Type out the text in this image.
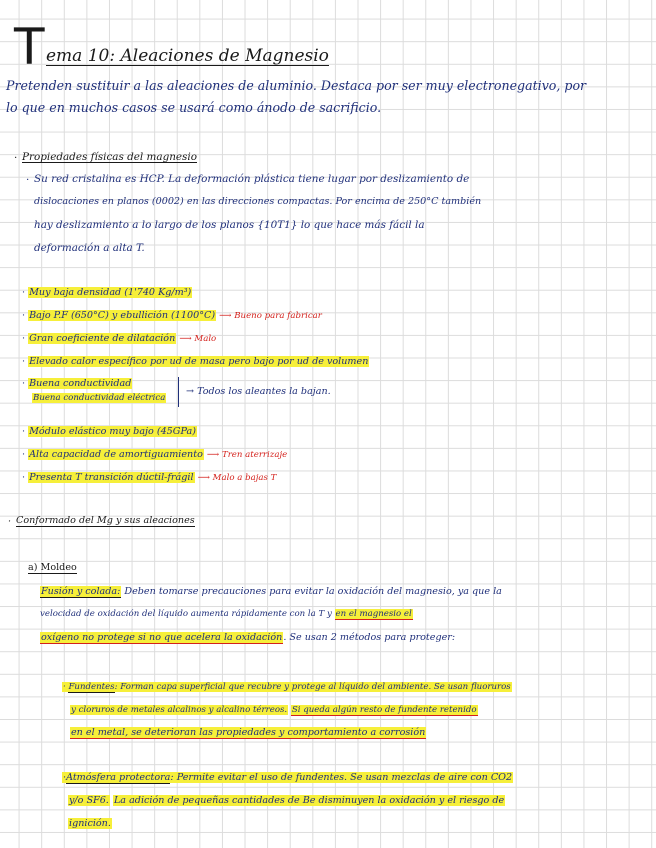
T ema 10: Aleaciones de Magnesio
Pretenden sustituir a las aleaciones de aluminio. Destaca por ser muy electronegativo, por
lo que en muchos casos se usará como ánodo de sacrificio.
· Propiedades físicas del magnesio
· Su red cristalina es HCP. La deformación plástica tiene lugar por deslizamiento de
dislocaciones en planos (0002) en las direcciones compactas. Por encima de 250°C también
hay deslizamiento a lo largo de los planos {10T1} lo que hace más fácil la
deformación a alta T.
· Muy baja densidad (1'740 Kg/m³)
· Bajo P.F (650°C) y ebullición (1100°C) ⟶ Bueno para fabricar
· Gran coeficiente de dilatación ⟶ Malo
· Elevado calor específico por ud de masa pero bajo por ud de volumen
· Buena conductividad
Buena conductividad eléctrica
→ Todos los aleantes la bajan.
· Módulo elástico muy bajo (45GPa)
· Alta capacidad de amortiguamiento ⟶ Tren aterrizaje
· Presenta T transición dúctil-frágil ⟶ Malo a bajas T
· Conformado del Mg y sus aleaciones
a) Moldeo
Fusión y colada: Deben tomarse precauciones para evitar la oxidación del magnesio, ya que la
velocidad de oxidación del líquido aumenta rápidamente con la T y en el magnesio el
oxígeno no protege si no que acelera la oxidación. Se usan 2 métodos para proteger:
· Fundentes: Forman capa superficial que recubre y protege al líquido del ambiente. Se usan fluoruros
y cloruros de metales alcalinos y alcalino térreos. Si queda algún resto de fundente retenido
en el metal, se deterioran las propiedades y comportamiento a corrosión
·Atmósfera protectora: Permite evitar el uso de fundentes. Se usan mezclas de aire con CO2
y/o SF6. La adición de pequeñas cantidades de Be disminuyen la oxidación y el riesgo de
ignición.
